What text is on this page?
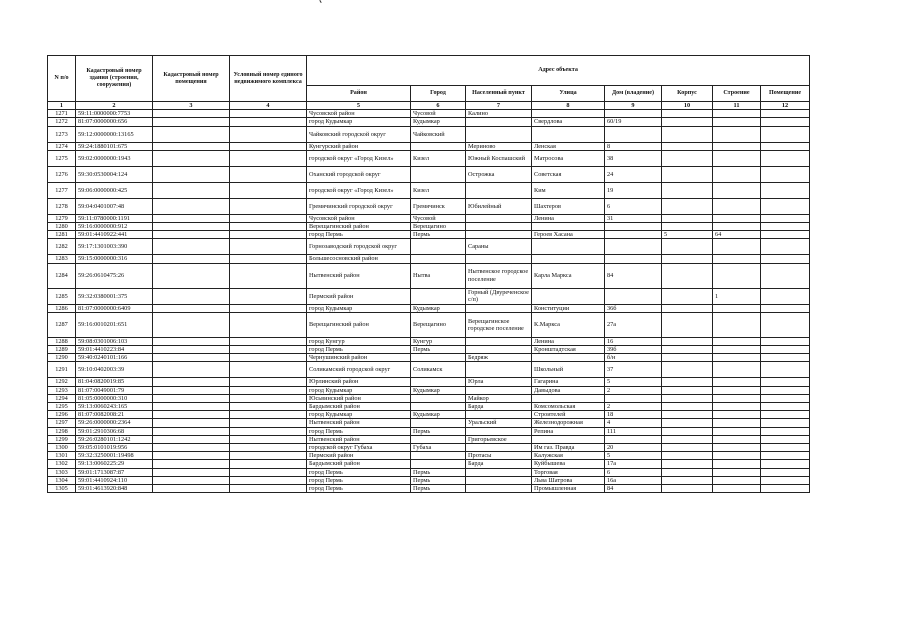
N п/о	Кадастровый номер здания (строения, сооружения)	Кадастровый номер помещения	Условный номер единого недвижимого комплекса	Адрес объекта							
				Район	Город	Населенный пункт	Улица	Дом (владение)	Корпус	Строение	Помещение
1	2	3	4	5	6	7	8	9	10	11	12
1271	59:11:0000000:7753			Чусовской район	Чусовой	Калино					
1272	81:07:0000000:656			город Кудымкар	Кудымкар		Свердлова	60/19			
1273	59:12:0000000:13165			Чайковский городской округ	Чайковский						
1274	59:24:1880101:675			Кунгурский район		Мериново	Ленская	8			
1275	59:02:0000000:1943			городской округ «Город Кизел»	Кизел	Южный Коспашский	Матросова	38			
1276	59:30:0530004:124			Оханский городской округ		Острожка	Советская	24			
1277	59:06:0000000:425			городской округ «Город Кизел»	Кизел		Ким	19			
1278	59:04:0401007:48			Гремячинский городской округ	Гремячинск	Юбилейный	Шахтеров	6			
1279	59:11:0780000:1191			Чусовской район	Чусовой		Ленина	31			
1280	59:16:0000000:912			Верещагинский район	Верещагино						
1281	59:01:4410922:441			город Пермь	Пермь		Героев Хасана		5	64	
1282	59:17:1301003:390			Горнозаводский городской округ		Сараны					
1283	59:15:0000000:316			Большесосновский район							
1284	59:26:0610475:26			Нытвенский район	Нытва	Нытвенское городское поселение	Карла Маркса	84			
1285	59:32:0380001:375			Пермский район		Горный (Двуреченское с/п)				1	
1286	81:07:0000000:6409			город Кудымкар	Кудымкар		Конституции	36б			
1287	59:16:0010201:651			Верещагинский район	Верещагино	Верещагинское городское поселение	К.Маркса	27а			
1288	59:08:0301006:103			город Кунгур	Кунгур		Ленина	16			
1289	59:01:4410223:84			город Пермь	Пермь		Кронштадтская	39б			
1290	59:40:0240101:166			Чернушинский район		Бедряж		б/н			
1291	59:10:0402003:39			Соликамский городской округ	Соликамск		Школьный	37			
1292	81:04:0820019:85			Юрлинский район		Юрла	Гагарина	5			
1293	81:07:0049001:79			город Кудымкар	Кудымкар		Давыдова	2			
1294	81:05:0000000:310			Юсьвинский район		Майкор					
1295	59:13:0060243:165			Бардымский район		Барда	Комсомольская	2			
1296	81:07:0082008:21			город Кудымкар	Кудымкар		Строителей	18			
1297	59:26:0000000:2364			Нытвенский район		Уральский	Железнодорожная	4			
1298	59:01:2910306:68			город Пермь	Пермь		Репина	111			
1299	59:26:0280101:1242			Нытвенский район		Григорьевское					
1300	59:05:0101019:956			городской округ Губаха	Губаха		Им газ. Правда	20			
1301	59:32:3250001:19498			Пермский район		Протасы	Калужская	5			
1302	59:13:0060225:29			Бардымский район		Барда	Куйбышева	17а			
1303	59:01:1713087:87			город Пермь	Пермь		Торговая	6			
1304	59:01:4410924:110			город Пермь	Пермь		Льва Шатрова	16а			
1305	59:01:4613920:848			город Пермь	Пермь		Промышленная	84			
